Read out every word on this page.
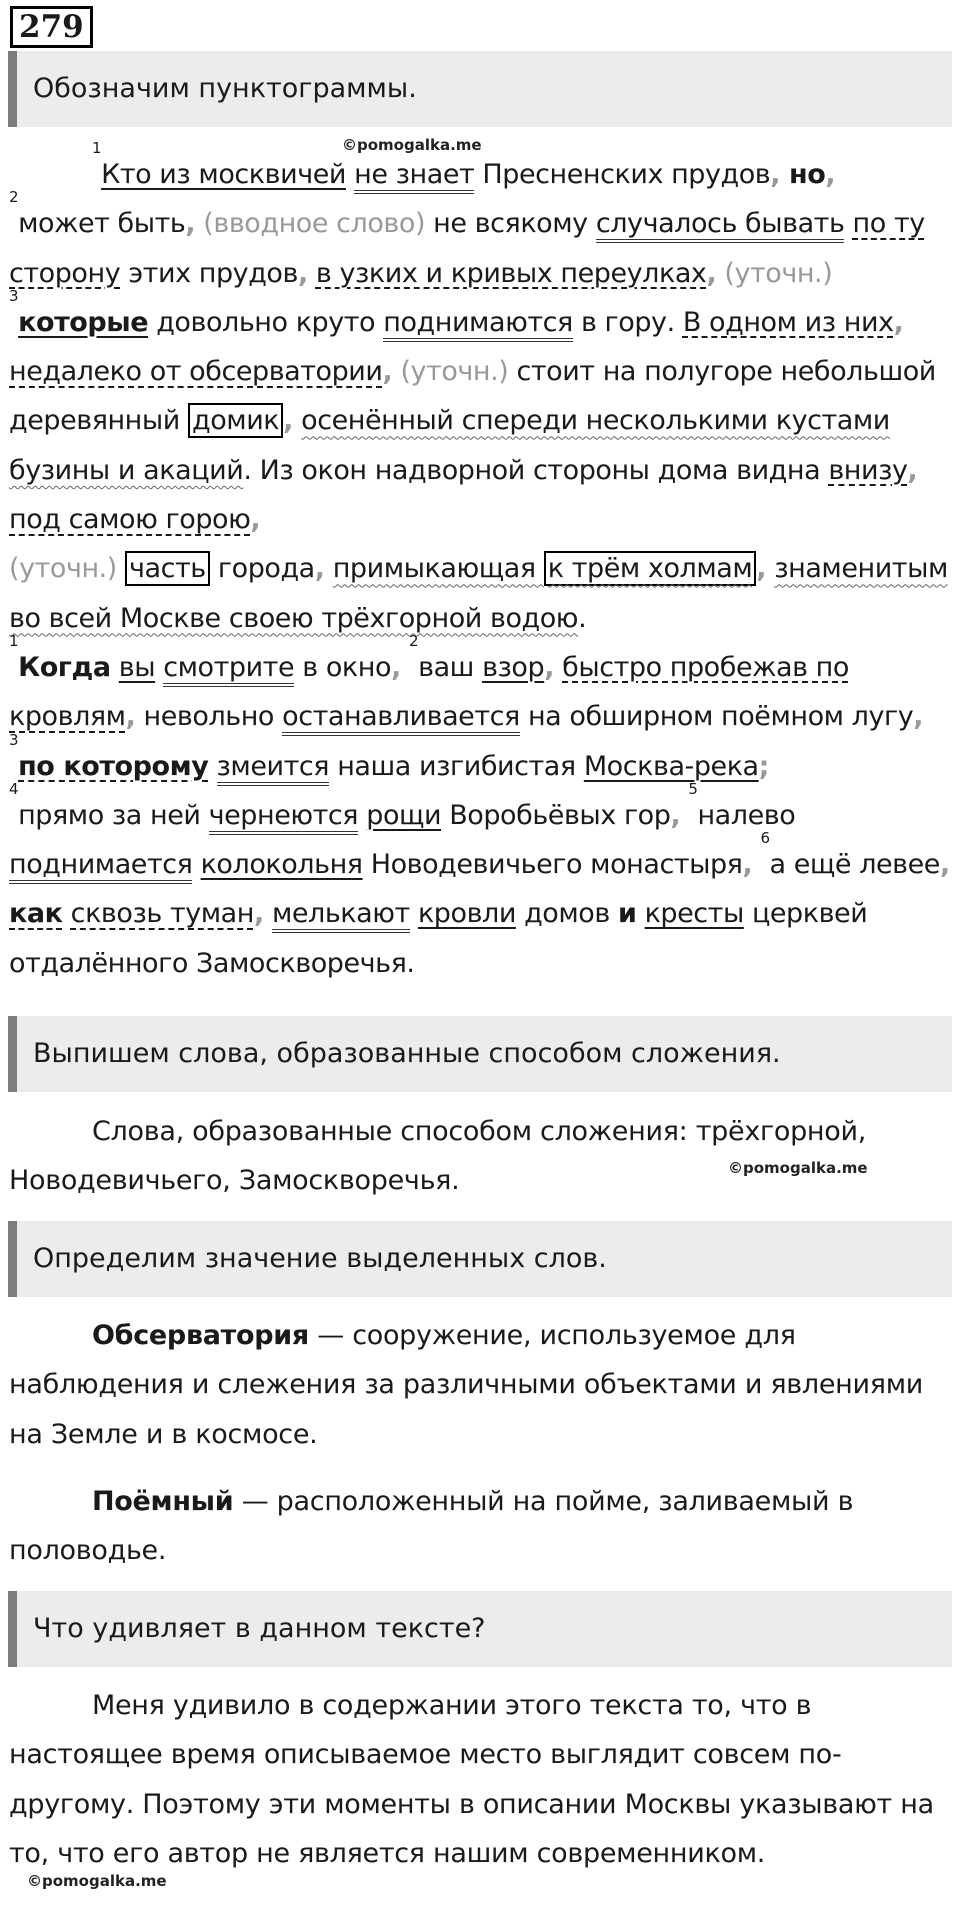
279
Обозначим пунктограммы.
©pomogalka.me

$^1$Кто из москвичей не знает Пресненских прудов, но,
$^2$может быть, (вводное слово) не всякому случалось бывать по ту сторону этих прудов, в узких и кривых переулках, (уточн.) $^3$которые довольно круто поднимаются в гору. В одном из них, недалеко от обсерватории, (уточн.) стоит на полугоре небольшой деревянный домик , осенённый спереди несколькими кустами бузины и акаций. Из окон надворной стороны дома видна внизу, под самою горою,
(уточн.) часть города, примыкающая к трём холмам , знаменитым во всей Москве своею трёхгорной водою.

$^1$Когда вы смотрите в окно, $^2$ваш взор, быстро пробежав по кровлям, невольно останавливается на обширном поёмном лугу, $^3$по которому змеится наша изгибистая Москва-река;
$^4$прямо за ней чернеются рощи Воробьёвых гор, $^5$налево
поднимается колокольня Новодевичьего монастыря, $^6$а ещё левее, как сквозь туман, мелькают кровли домов и кресты церквей отдалённого Замоскворечья.

Выпишем слова, образованные способом сложения.

Слова, образованные способом сложения: трёхгорной, Новодевичьего, Замоскворечья.	©pomogalka.me
Определим значение выделенных слов.

Обсерватория — сооружение, используемое для наблюдения и слежения за различными объектами и явлениями на Земле и в космосе.

Поёмный — расположенный на пойме, заливаемый в половодье.

Что удивляет в данном тексте?

Меня удивило в содержании этого текста то, что в настоящее время описываемое место выглядит совсем по-другому. Поэтому эти моменты в описании Москвы указывают на то, что его автор не является нашим современником.

©pomogalka.me
